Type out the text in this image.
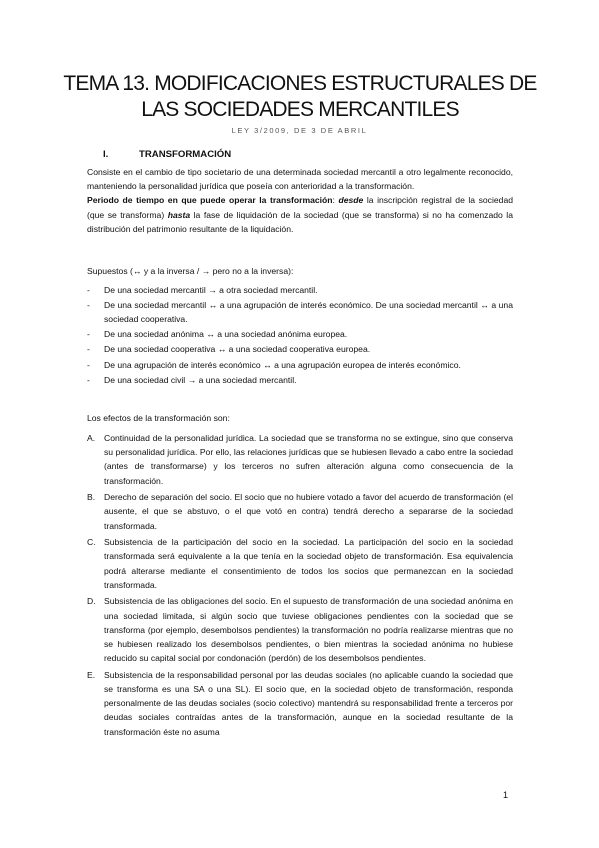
TEMA 13. MODIFICACIONES ESTRUCTURALES DE
LAS SOCIEDADES MERCANTILES
LEY 3/2009, DE 3 DE ABRIL
I.	TRANSFORMACIÓN

Consiste en el cambio de tipo societario de una determinada sociedad mercantil a otro legalmente reconocido, manteniendo la personalidad jurídica que poseía con anterioridad a la transformación.
Periodo de tiempo en que puede operar la transformación: desde la inscripción registral de la sociedad (que se transforma) hasta la fase de liquidación de la sociedad (que se transforma) si no ha comenzado la distribución del patrimonio resultante de la liquidación.

Supuestos (↔ y a la inversa / → pero no a la inversa):

-	De una sociedad mercantil → a otra sociedad mercantil.
-	De una sociedad mercantil ↔ a una agrupación de interés económico. De una sociedad mercantil ↔ a una sociedad cooperativa.
-	De una sociedad anónima ↔ a una sociedad anónima europea.
-	De una sociedad cooperativa ↔ a una sociedad cooperativa europea.
-	De una agrupación de interés económico ↔ a una agrupación europea de interés económico.
-	De una sociedad civil → a una sociedad mercantil.

Los efectos de la transformación son:

A.	Continuidad de la personalidad jurídica. La sociedad que se transforma no se extingue, sino que conserva su personalidad jurídica. Por ello, las relaciones jurídicas que se hubiesen llevado a cabo entre la sociedad (antes de transformarse) y los terceros no sufren alteración alguna como consecuencia de la transformación.
B.	Derecho de separación del socio. El socio que no hubiere votado a favor del acuerdo de transformación (el ausente, el que se abstuvo, o el que votó en contra) tendrá derecho a separarse de la sociedad transformada.
C. Subsistencia de la participación del socio en la sociedad. La participación del socio en la sociedad transformada será equivalente a la que tenía en la sociedad objeto de transformación. Esa equivalencia podrá alterarse mediante el consentimiento de todos los socios que permanezcan en la sociedad transformada.
D. Subsistencia de las obligaciones del socio. En el supuesto de transformación de una sociedad anónima en una sociedad limitada, si algún socio que tuviese obligaciones pendientes con la sociedad que se transforma (por ejemplo, desembolsos pendientes) la transformación no podría realizarse mientras que no se hubiesen realizado los desembolsos pendientes, o bien mientras la sociedad anónima no hubiese reducido su capital social por condonación (perdón) de los desembolsos pendientes.
E.	Subsistencia de la responsabilidad personal por las deudas sociales (no aplicable cuando la sociedad que se transforma es una SA o una SL). El socio que, en la sociedad objeto de transformación, responda personalmente de las deudas sociales (socio colectivo) mantendrá su responsabilidad frente a terceros por deudas sociales contraídas antes de la transformación, aunque en la sociedad resultante de la transformación éste no asuma
1
